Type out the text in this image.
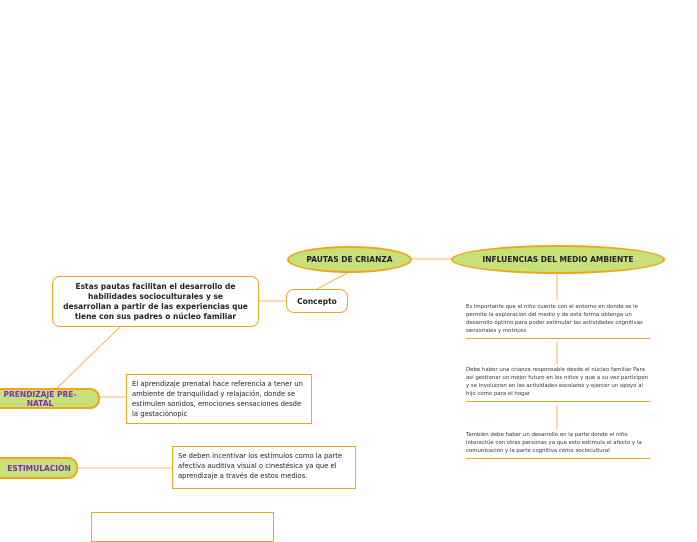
PAUTAS DE CRIANZA	INFLUENCIAS DEL MEDIO AMBIENTE
Concepto
Estas pautas facilitan el desarrollo de habilidades socioculturales y se desarrollan a partir de las experiencias que tiene con sus padres o núcleo familiar
Es importante que el niño cuente con el entorno en donde se le permite la exploración del medio y de esta forma obtenga un desarrollo óptimo para poder estimular las actividades cognitivas sensoriales y motrices
Debe haber una crianza responsable desde el núcleo familiar Para así gestionar un mejor futuro en los niños y que a su vez participen y se involucren en las actividades escolares y ejercer un apoyo al hijo como para el hogar
También debe haber un desarrollo en la parte donde el niño interactúe con otras personas ya que esto estimula el afecto y la comunicación y la parte cognitiva como sociocultural
PRENDIZAJE PRE-NATAL
El aprendizaje prenatal hace referencia a tener un ambiente de tranquilidad y relajación, donde se estimulen sonidos, emociones sensaciones desde la gestaciónopic
ESTIMULACIÓN
Se deben incentivar los estímulos como la parte afectiva auditiva visual o cinestésica ya que el aprendizaje a través de estos medios.
